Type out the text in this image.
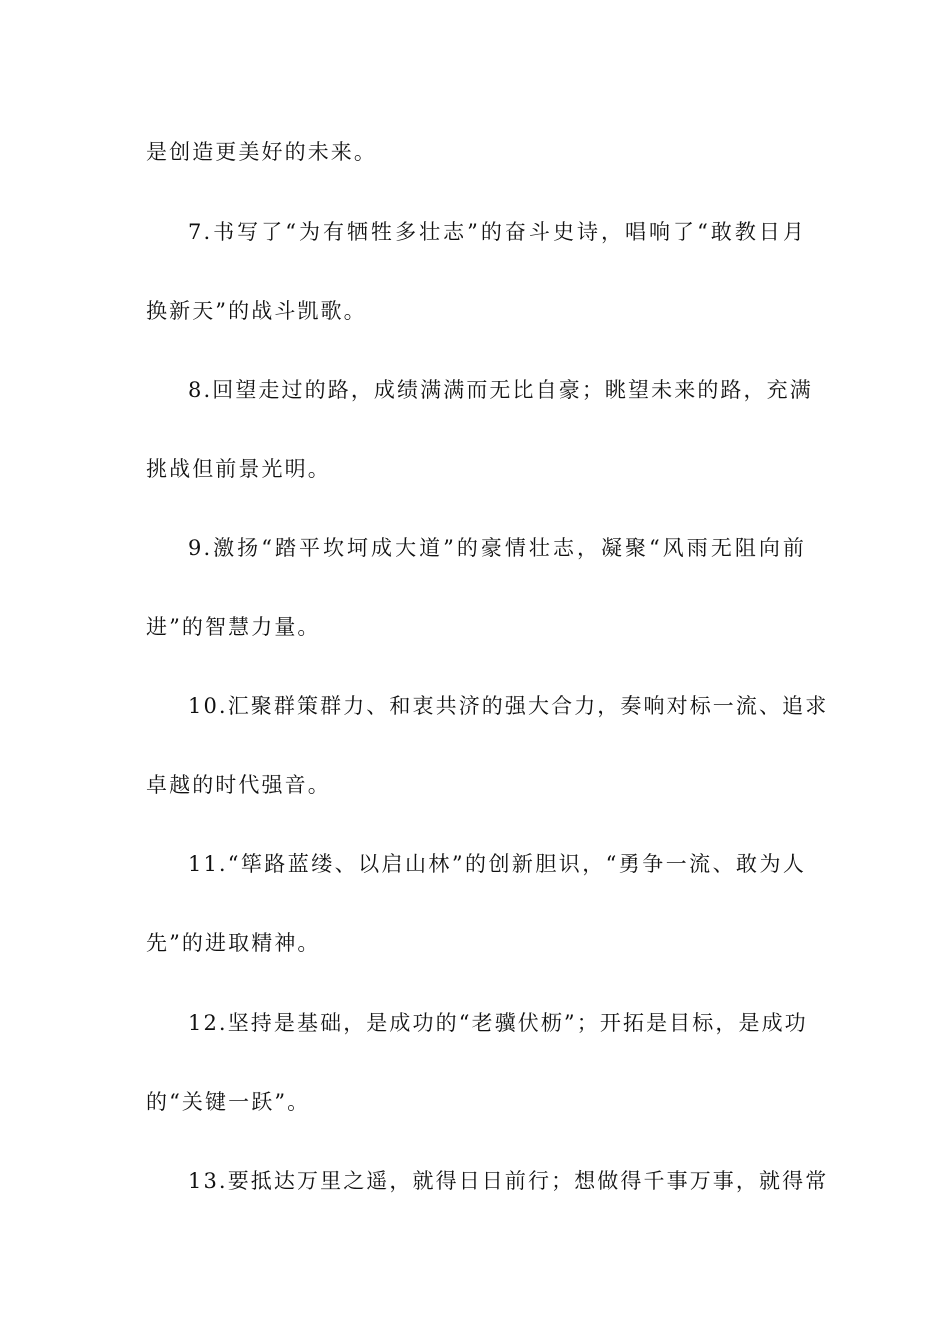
是创造更美好的未来。
7.书写了“为有牺牲多壮志”的奋斗史诗，唱响了“敢教日月
换新天”的战斗凯歌。
8.回望走过的路，成绩满满而无比自豪；眺望未来的路，充满
挑战但前景光明。
9.激扬“踏平坎坷成大道”的豪情壮志，凝聚“风雨无阻向前
进”的智慧力量。
10.汇聚群策群力、和衷共济的强大合力，奏响对标一流、追求
卓越的时代强音。
11.“筚路蓝缕、以启山林”的创新胆识，“勇争一流、敢为人
先”的进取精神。
12.坚持是基础，是成功的“老骥伏枥”；开拓是目标，是成功
的“关键一跃”。
13.要抵达万里之遥，就得日日前行；想做得千事万事，就得常
